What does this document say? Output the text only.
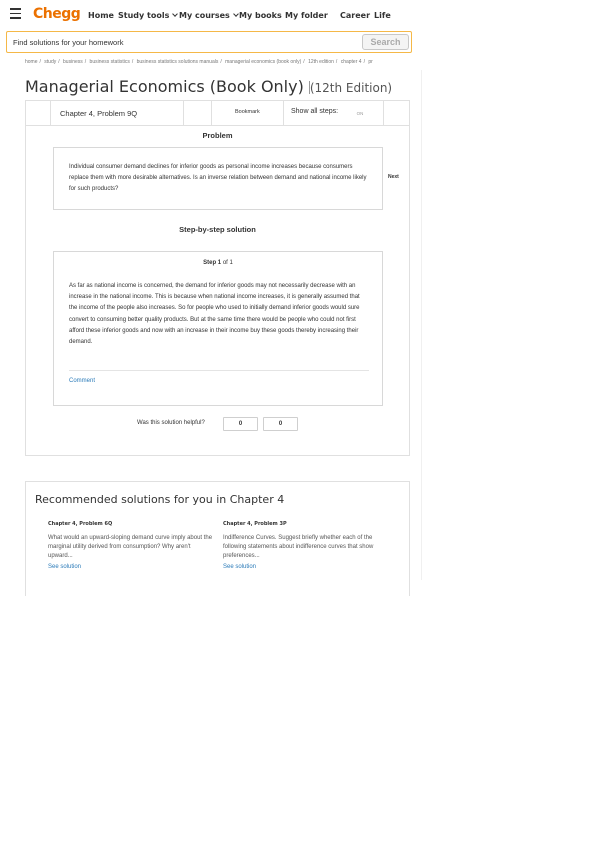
Chegg Home Study tools	My courses	My books My folder Career Life
Find solutions for your homework
Search
home / study / business / business statistics / business statistics solutions manuals / managerial economics (book only) / 12th edition / chapter 4 / pr
Managerial Economics (Book Only) (12th Edition)
Chapter 4, Problem 9Q	Bookmark	Show all steps:	ON
Problem
Individual consumer demand declines for inferior goods as personal income increases because consumers replace them with more desirable alternatives. Is an inverse relation between demand and national income likely for such products?
Next
Step-by-step solution
Step 1 of 1
As far as national income is concerned, the demand for inferior goods may not necessarily decrease with an increase in the national income. This is because when national income increases, it is generally assumed that the income of the people also increases. So for people who used to initially demand inferior goods would sure convert to consuming better quality products. But at the same time there would be people who could not first afford these inferior goods and now with an increase in their income buy these goods thereby increasing their demand.
Comment
Was this solution helpful?	0	0
Recommended solutions for you in Chapter 4
Chapter 4, Problem 6Q
What would an upward-sloping demand curve imply about the marginal utility derived from consumption? Why aren't upward...
See solution
Chapter 4, Problem 3P
Indifference Curves. Suggest briefly whether each of the following statements about indifference curves that show preferences...
See solution
